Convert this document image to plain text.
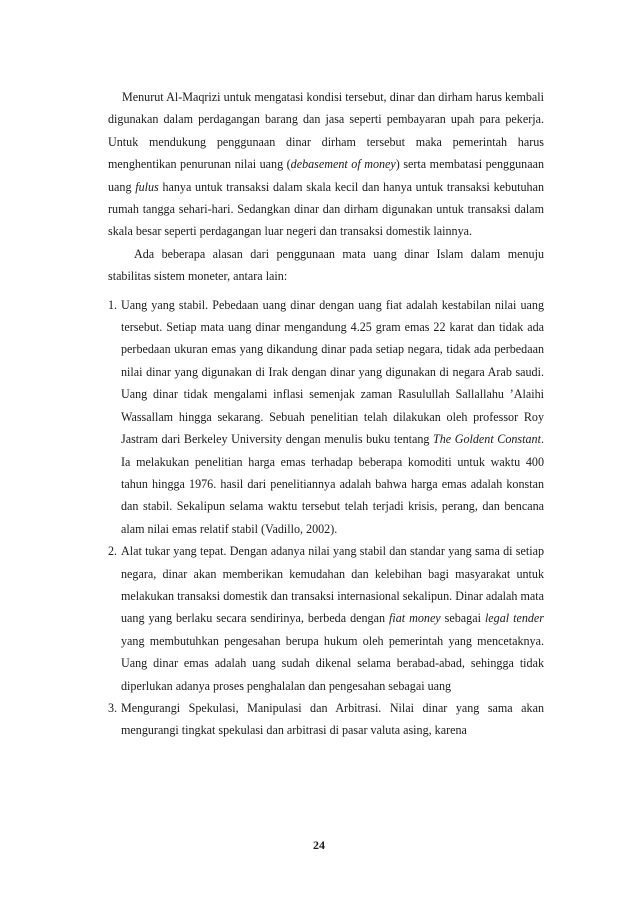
Menurut Al-Maqrizi untuk mengatasi kondisi tersebut, dinar dan dirham harus kembali digunakan dalam perdagangan barang dan jasa seperti pembayaran upah para pekerja. Untuk mendukung penggunaan dinar dirham tersebut maka pemerintah harus menghentikan penurunan nilai uang (debasement of money) serta membatasi penggunaan uang fulus hanya untuk transaksi dalam skala kecil dan hanya untuk transaksi kebutuhan rumah tangga sehari-hari. Sedangkan dinar dan dirham digunakan untuk transaksi dalam skala besar seperti perdagangan luar negeri dan transaksi domestik lainnya.

Ada beberapa alasan dari penggunaan mata uang dinar Islam dalam menuju stabilitas sistem moneter, antara lain:

1. Uang yang stabil. Pebedaan uang dinar dengan uang fiat adalah kestabilan nilai uang tersebut. Setiap mata uang dinar mengandung 4.25 gram emas 22 karat dan tidak ada perbedaan ukuran emas yang dikandung dinar pada setiap negara, tidak ada perbedaan nilai dinar yang digunakan di Irak dengan dinar yang digunakan di negara Arab saudi. Uang dinar tidak mengalami inflasi semenjak zaman Rasulullah Sallallahu ’Alaihi Wassallam hingga sekarang. Sebuah penelitian telah dilakukan oleh professor Roy Jastram dari Berkeley University dengan menulis buku tentang The Goldent Constant. Ia melakukan penelitian harga emas terhadap beberapa komoditi untuk waktu 400 tahun hingga 1976. hasil dari penelitiannya adalah bahwa harga emas adalah konstan dan stabil. Sekalipun selama waktu tersebut telah terjadi krisis, perang, dan bencana alam nilai emas relatif stabil (Vadillo, 2002).
2. Alat tukar yang tepat. Dengan adanya nilai yang stabil dan standar yang sama di setiap negara, dinar akan memberikan kemudahan dan kelebihan bagi masyarakat untuk melakukan transaksi domestik dan transaksi internasional sekalipun. Dinar adalah mata uang yang berlaku secara sendirinya, berbeda dengan fiat money sebagai legal tender yang membutuhkan pengesahan berupa hukum oleh pemerintah yang mencetaknya. Uang dinar emas adalah uang sudah dikenal selama berabad-abad, sehingga tidak diperlukan adanya proses penghalalan dan pengesahan sebagai uang
3. Mengurangi Spekulasi, Manipulasi dan Arbitrasi. Nilai dinar yang sama akan mengurangi tingkat spekulasi dan arbitrasi di pasar valuta asing, karena
24
